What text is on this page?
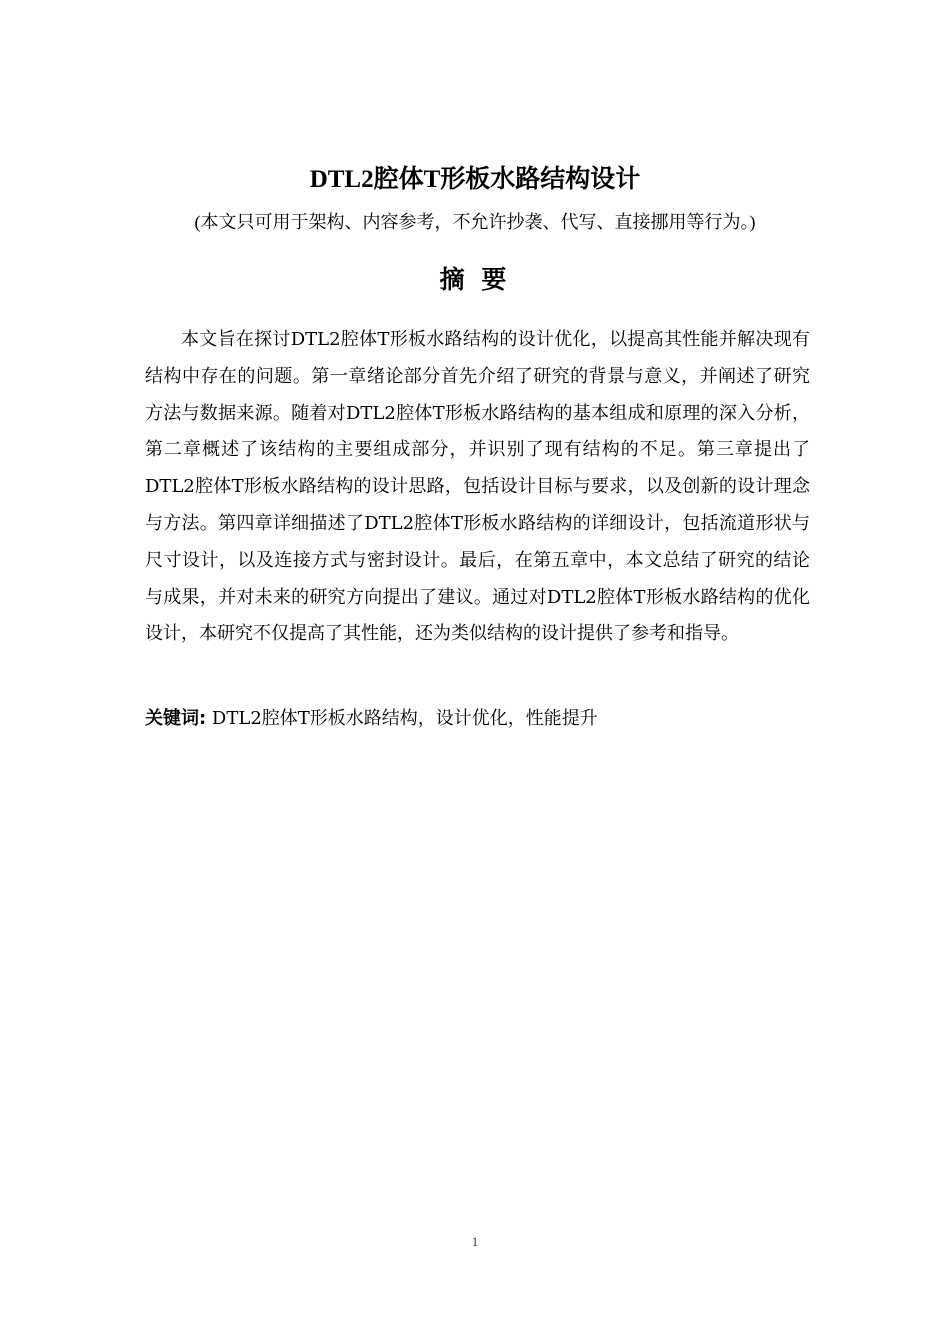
DTL2腔体T形板水路结构设计

(本文只可用于架构、内容参考，不允许抄袭、代写、直接挪用等行为。)

摘 要

本文旨在探讨DTL2腔体T形板水路结构的设计优化，以提高其性能并解决现有结构中存在的问题。第一章绪论部分首先介绍了研究的背景与意义，并阐述了研究方法与数据来源。随着对DTL2腔体T形板水路结构的基本组成和原理的深入分析，第二章概述了该结构的主要组成部分，并识别了现有结构的不足。第三章提出了DTL2腔体T形板水路结构的设计思路，包括设计目标与要求，以及创新的设计理念与方法。第四章详细描述了DTL2腔体T形板水路结构的详细设计，包括流道形状与尺寸设计，以及连接方式与密封设计。最后，在第五章中，本文总结了研究的结论与成果，并对未来的研究方向提出了建议。通过对DTL2腔体T形板水路结构的优化设计，本研究不仅提高了其性能，还为类似结构的设计提供了参考和指导。

关键词: DTL2腔体T形板水路结构，设计优化，性能提升

1
